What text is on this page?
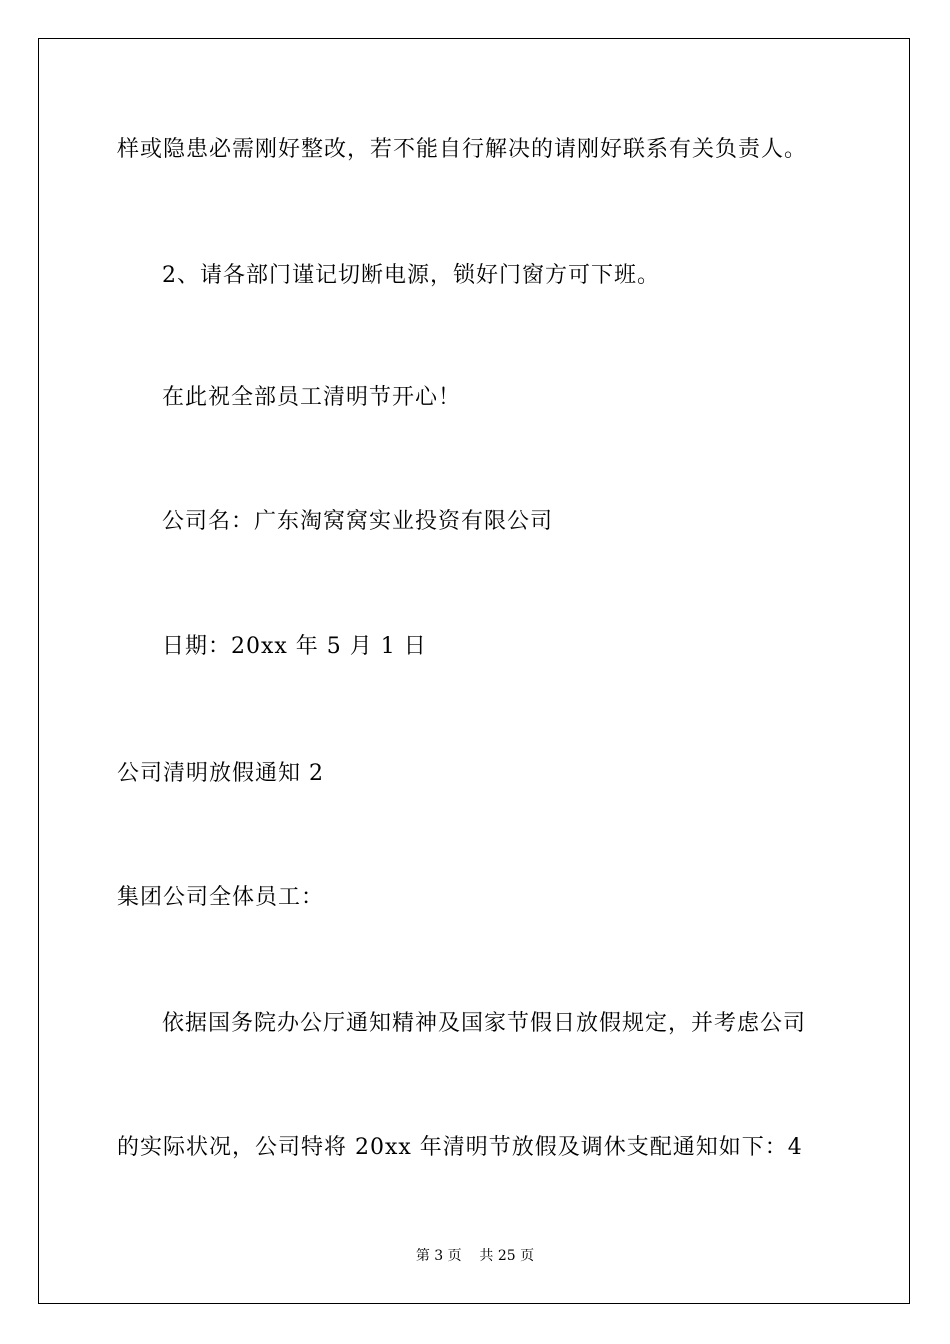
样或隐患必需刚好整改，若不能自行解决的请刚好联系有关负责人。
2、请各部门谨记切断电源，锁好门窗方可下班。
在此祝全部员工清明节开心！
公司名：广东淘窝窝实业投资有限公司
日期：20xx 年 5 月 1 日
公司清明放假通知 2
集团公司全体员工：
依据国务院办公厅通知精神及国家节假日放假规定，并考虑公司
的实际状况，公司特将 20xx 年清明节放假及调休支配通知如下：4
第 3 页    共 25 页
